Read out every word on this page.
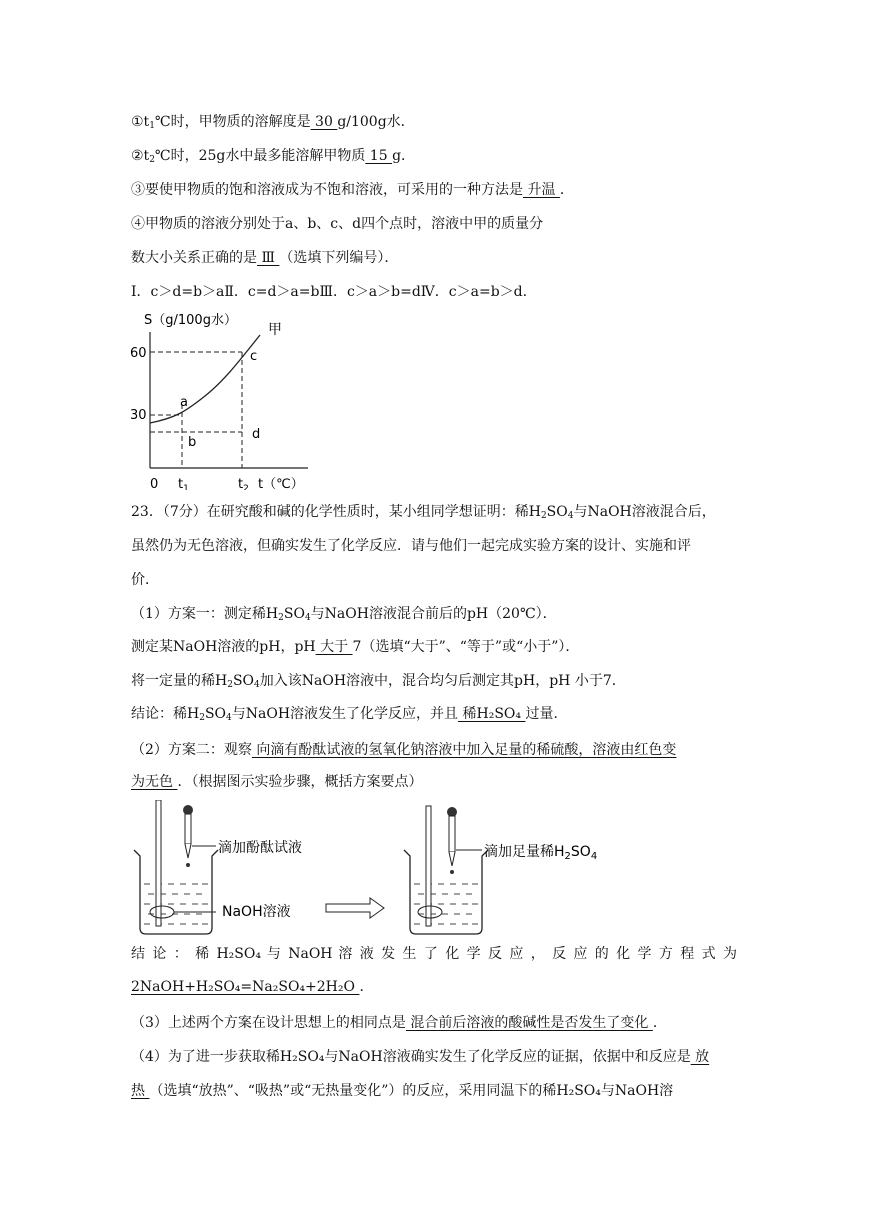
$①t_1℃$时，甲物质的溶解度是 30 g/100g水．
$②t_2℃$时，25g水中最多能溶解甲物质 15 g．
③要使甲物质的饱和溶液成为不饱和溶液，可采用的一种方法是 升温 ．
④甲物质的溶液分别处于a、b、c、d四个点时，溶液中甲的质量分
数大小关系正确的是 Ⅲ （选填下列编号）．
Ⅰ．c＞d=b＞aⅡ．c=d＞a=bⅢ．c＞a＞b=dⅣ．c＞a=b＞d.
S（g/100g水）
甲
60
30
a
b
c
d
0 $t_1$	$t_2$ t（℃）
23．（7分）在研究酸和碱的化学性质时，某小组同学想证明：稀$H_2SO_4$与NaOH溶液混合后，
虽然仍为无色溶液，但确实发生了化学反应．请与他们一起完成实验方案的设计、实施和评
价．
（1）方案一：测定稀$H_2SO_4$与NaOH溶液混合前后的pH（20℃）．
测定某NaOH溶液的pH，pH 大于 7（选填“大于”、“等于”或“小于”）．
将一定量的稀$H_2SO_4$加入该NaOH溶液中，混合均匀后测定其pH，pH 小于7．
结论：稀$H_2SO_4$与NaOH溶液发生了化学反应，并且 稀H₂SO₄ 过量．
（2）方案二：观察 向滴有酚酞试液的氢氧化钠溶液中加入足量的稀硫酸，溶液由红色变
为无色 ．（根据图示实验步骤，概括方案要点）
滴加酚酞试液
NaOH溶液
滴加足量稀$H_2SO_4$
结 论 ： 稀 H₂SO₄ 与 NaOH 溶 液 发 生 了 化 学 反 应 ， 反 应 的 化 学 方 程 式 为
2NaOH+H₂SO₄=Na₂SO₄+2H₂O ．
（3）上述两个方案在设计思想上的相同点是 混合前后溶液的酸碱性是否发生了变化 ．
（4）为了进一步获取稀H₂SO₄与NaOH溶液确实发生了化学反应的证据，依据中和反应是 放
热 （选填“放热”、“吸热”或“无热量变化”）的反应，采用同温下的稀H₂SO₄与NaOH溶
